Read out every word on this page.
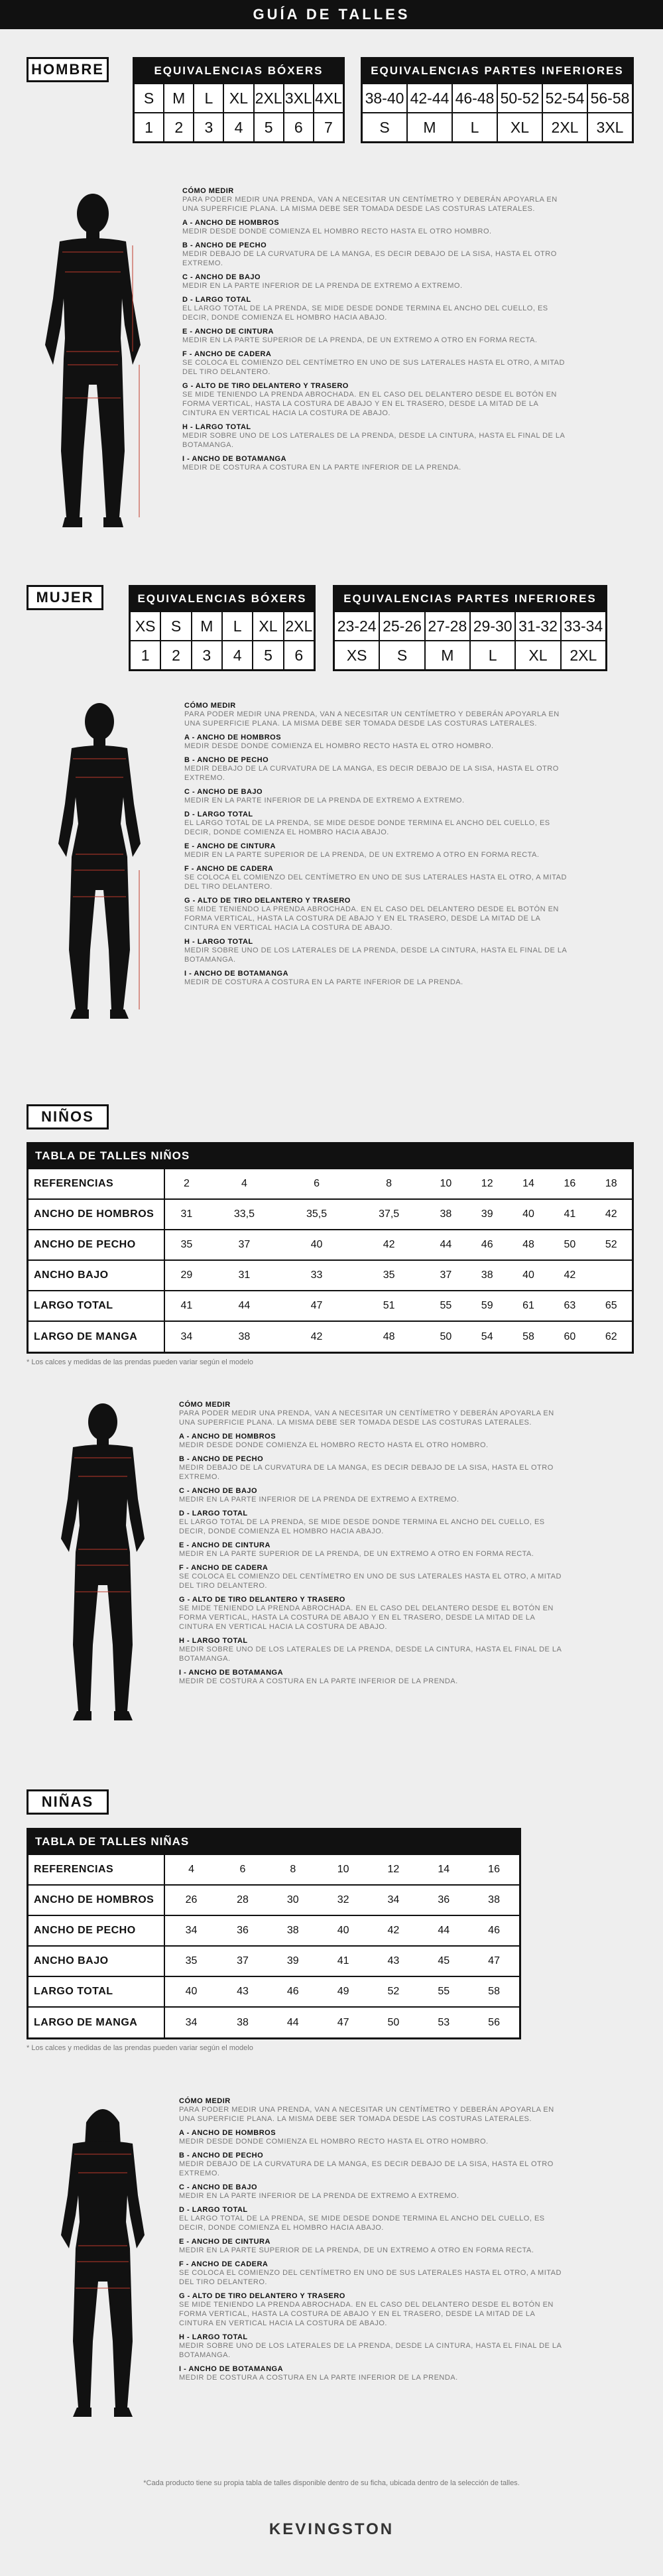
GUÍA DE TALLES
HOMBRE	EQUIVALENCIAS BÓXERS
S	M	L	XL 2XL 3XL 4XL
1	2	3	4	5	6	7
EQUIVALENCIAS PARTES INFERIORES
38-40 42-44 46-48 50-52 52-54 56-58
S	M	L	XL	2XL	3XL
CÓMO MEDIR
PARA PODER MEDIR UNA PRENDA, VAN A NECESITAR UN CENTÍMETRO Y DEBERÁN APOYARLA EN UNA SUPERFICIE PLANA. LA MISMA DEBE SER TOMADA DESDE LAS COSTURAS LATERALES.
A - ANCHO DE HOMBROS
MEDIR DESDE DONDE COMIENZA EL HOMBRO RECTO HASTA EL OTRO HOMBRO.
B - ANCHO DE PECHO
MEDIR DEBAJO DE LA CURVATURA DE LA MANGA, ES DECIR DEBAJO DE LA SISA, HASTA EL OTRO EXTREMO.
C - ANCHO DE BAJO
MEDIR EN LA PARTE INFERIOR DE LA PRENDA DE EXTREMO A EXTREMO.
D - LARGO TOTAL
EL LARGO TOTAL DE LA PRENDA, SE MIDE DESDE DONDE TERMINA EL ANCHO DEL CUELLO, ES DECIR, DONDE COMIENZA EL HOMBRO HACIA ABAJO.
E - ANCHO DE CINTURA
MEDIR EN LA PARTE SUPERIOR DE LA PRENDA, DE UN EXTREMO A OTRO EN FORMA RECTA.
F - ANCHO DE CADERA
SE COLOCA EL COMIENZO DEL CENTÍMETRO EN UNO DE SUS LATERALES HASTA EL OTRO, A MITAD DEL TIRO DELANTERO.
G - ALTO DE TIRO DELANTERO Y TRASERO
SE MIDE TENIENDO LA PRENDA ABROCHADA. EN EL CASO DEL DELANTERO DESDE EL BOTÓN EN FORMA VERTICAL, HASTA LA COSTURA DE ABAJO Y EN EL TRASERO, DESDE LA MITAD DE LA CINTURA EN VERTICAL HACIA LA COSTURA DE ABAJO.
H - LARGO TOTAL
MEDIR SOBRE UNO DE LOS LATERALES DE LA PRENDA, DESDE LA CINTURA, HASTA EL FINAL DE LA BOTAMANGA.
I - ANCHO DE BOTAMANGA
MEDIR DE COSTURA A COSTURA EN LA PARTE INFERIOR DE LA PRENDA.
MUJER	EQUIVALENCIAS BÓXERS
XS	S	M	L	XL 2XL
1	2	3	4	5	6
EQUIVALENCIAS PARTES INFERIORES
23-24 25-26 27-28 29-30 31-32 33-34
XS	S	M	L	XL	2XL
CÓMO MEDIR
PARA PODER MEDIR UNA PRENDA, VAN A NECESITAR UN CENTÍMETRO Y DEBERÁN APOYARLA EN UNA SUPERFICIE PLANA. LA MISMA DEBE SER TOMADA DESDE LAS COSTURAS LATERALES.
A - ANCHO DE HOMBROS
MEDIR DESDE DONDE COMIENZA EL HOMBRO RECTO HASTA EL OTRO HOMBRO.
B - ANCHO DE PECHO
MEDIR DEBAJO DE LA CURVATURA DE LA MANGA, ES DECIR DEBAJO DE LA SISA, HASTA EL OTRO EXTREMO.
C - ANCHO DE BAJO
MEDIR EN LA PARTE INFERIOR DE LA PRENDA DE EXTREMO A EXTREMO.
D - LARGO TOTAL
EL LARGO TOTAL DE LA PRENDA, SE MIDE DESDE DONDE TERMINA EL ANCHO DEL CUELLO, ES DECIR, DONDE COMIENZA EL HOMBRO HACIA ABAJO.
E - ANCHO DE CINTURA
MEDIR EN LA PARTE SUPERIOR DE LA PRENDA, DE UN EXTREMO A OTRO EN FORMA RECTA.
F - ANCHO DE CADERA
SE COLOCA EL COMIENZO DEL CENTÍMETRO EN UNO DE SUS LATERALES HASTA EL OTRO, A MITAD DEL TIRO DELANTERO.
G - ALTO DE TIRO DELANTERO Y TRASERO
SE MIDE TENIENDO LA PRENDA ABROCHADA. EN EL CASO DEL DELANTERO DESDE EL BOTÓN EN FORMA VERTICAL, HASTA LA COSTURA DE ABAJO Y EN EL TRASERO, DESDE LA MITAD DE LA CINTURA EN VERTICAL HACIA LA COSTURA DE ABAJO.
H - LARGO TOTAL
MEDIR SOBRE UNO DE LOS LATERALES DE LA PRENDA, DESDE LA CINTURA, HASTA EL FINAL DE LA BOTAMANGA.
I - ANCHO DE BOTAMANGA
MEDIR DE COSTURA A COSTURA EN LA PARTE INFERIOR DE LA PRENDA.
NIÑOS
TABLA DE TALLES NIÑOS
REFERENCIAS	2	4	6	8	10	12	14	16	18
ANCHO DE HOMBROS	31	33,5	35,5	37,5	38	39	40	41	42
ANCHO DE PECHO	35	37	40	42	44	46	48	50	52
ANCHO BAJO	29	31	33	35	37	38	40	42	
LARGO TOTAL	41	44	47	51	55	59	61	63	65
LARGO DE MANGA	34	38	42	48	50	54	58	60	62
* Los calces y medidas de las prendas pueden variar según el modelo
CÓMO MEDIR
PARA PODER MEDIR UNA PRENDA, VAN A NECESITAR UN CENTÍMETRO Y DEBERÁN APOYARLA EN UNA SUPERFICIE PLANA. LA MISMA DEBE SER TOMADA DESDE LAS COSTURAS LATERALES.
A - ANCHO DE HOMBROS
MEDIR DESDE DONDE COMIENZA EL HOMBRO RECTO HASTA EL OTRO HOMBRO.
B - ANCHO DE PECHO
MEDIR DEBAJO DE LA CURVATURA DE LA MANGA, ES DECIR DEBAJO DE LA SISA, HASTA EL OTRO EXTREMO.
C - ANCHO DE BAJO
MEDIR EN LA PARTE INFERIOR DE LA PRENDA DE EXTREMO A EXTREMO.
D - LARGO TOTAL
EL LARGO TOTAL DE LA PRENDA, SE MIDE DESDE DONDE TERMINA EL ANCHO DEL CUELLO, ES DECIR, DONDE COMIENZA EL HOMBRO HACIA ABAJO.
E - ANCHO DE CINTURA
MEDIR EN LA PARTE SUPERIOR DE LA PRENDA, DE UN EXTREMO A OTRO EN FORMA RECTA.
F - ANCHO DE CADERA
SE COLOCA EL COMIENZO DEL CENTÍMETRO EN UNO DE SUS LATERALES HASTA EL OTRO, A MITAD DEL TIRO DELANTERO.
G - ALTO DE TIRO DELANTERO Y TRASERO
SE MIDE TENIENDO LA PRENDA ABROCHADA. EN EL CASO DEL DELANTERO DESDE EL BOTÓN EN FORMA VERTICAL, HASTA LA COSTURA DE ABAJO Y EN EL TRASERO, DESDE LA MITAD DE LA CINTURA EN VERTICAL HACIA LA COSTURA DE ABAJO.
H - LARGO TOTAL
MEDIR SOBRE UNO DE LOS LATERALES DE LA PRENDA, DESDE LA CINTURA, HASTA EL FINAL DE LA BOTAMANGA.
I - ANCHO DE BOTAMANGA
MEDIR DE COSTURA A COSTURA EN LA PARTE INFERIOR DE LA PRENDA.
NIÑAS
TABLA DE TALLES NIÑAS
REFERENCIAS	4	6	8	10	12	14	16
ANCHO DE HOMBROS	26	28	30	32	34	36	38
ANCHO DE PECHO	34	36	38	40	42	44	46
ANCHO BAJO	35	37	39	41	43	45	47
LARGO TOTAL	40	43	46	49	52	55	58
LARGO DE MANGA	34	38	44	47	50	53	56
* Los calces y medidas de las prendas pueden variar según el modelo
CÓMO MEDIR
PARA PODER MEDIR UNA PRENDA, VAN A NECESITAR UN CENTÍMETRO Y DEBERÁN APOYARLA EN UNA SUPERFICIE PLANA. LA MISMA DEBE SER TOMADA DESDE LAS COSTURAS LATERALES.
A - ANCHO DE HOMBROS
MEDIR DESDE DONDE COMIENZA EL HOMBRO RECTO HASTA EL OTRO HOMBRO.
B - ANCHO DE PECHO
MEDIR DEBAJO DE LA CURVATURA DE LA MANGA, ES DECIR DEBAJO DE LA SISA, HASTA EL OTRO EXTREMO.
C - ANCHO DE BAJO
MEDIR EN LA PARTE INFERIOR DE LA PRENDA DE EXTREMO A EXTREMO.
D - LARGO TOTAL
EL LARGO TOTAL DE LA PRENDA, SE MIDE DESDE DONDE TERMINA EL ANCHO DEL CUELLO, ES DECIR, DONDE COMIENZA EL HOMBRO HACIA ABAJO.
E - ANCHO DE CINTURA
MEDIR EN LA PARTE SUPERIOR DE LA PRENDA, DE UN EXTREMO A OTRO EN FORMA RECTA.
F - ANCHO DE CADERA
SE COLOCA EL COMIENZO DEL CENTÍMETRO EN UNO DE SUS LATERALES HASTA EL OTRO, A MITAD DEL TIRO DELANTERO.
G - ALTO DE TIRO DELANTERO Y TRASERO
SE MIDE TENIENDO LA PRENDA ABROCHADA. EN EL CASO DEL DELANTERO DESDE EL BOTÓN EN FORMA VERTICAL, HASTA LA COSTURA DE ABAJO Y EN EL TRASERO, DESDE LA MITAD DE LA CINTURA EN VERTICAL HACIA LA COSTURA DE ABAJO.
H - LARGO TOTAL
MEDIR SOBRE UNO DE LOS LATERALES DE LA PRENDA, DESDE LA CINTURA, HASTA EL FINAL DE LA BOTAMANGA.
I - ANCHO DE BOTAMANGA
MEDIR DE COSTURA A COSTURA EN LA PARTE INFERIOR DE LA PRENDA.
*Cada producto tiene su propia tabla de talles disponible dentro de su ficha, ubicada dentro de la selección de talles.
KEVINGSTON
